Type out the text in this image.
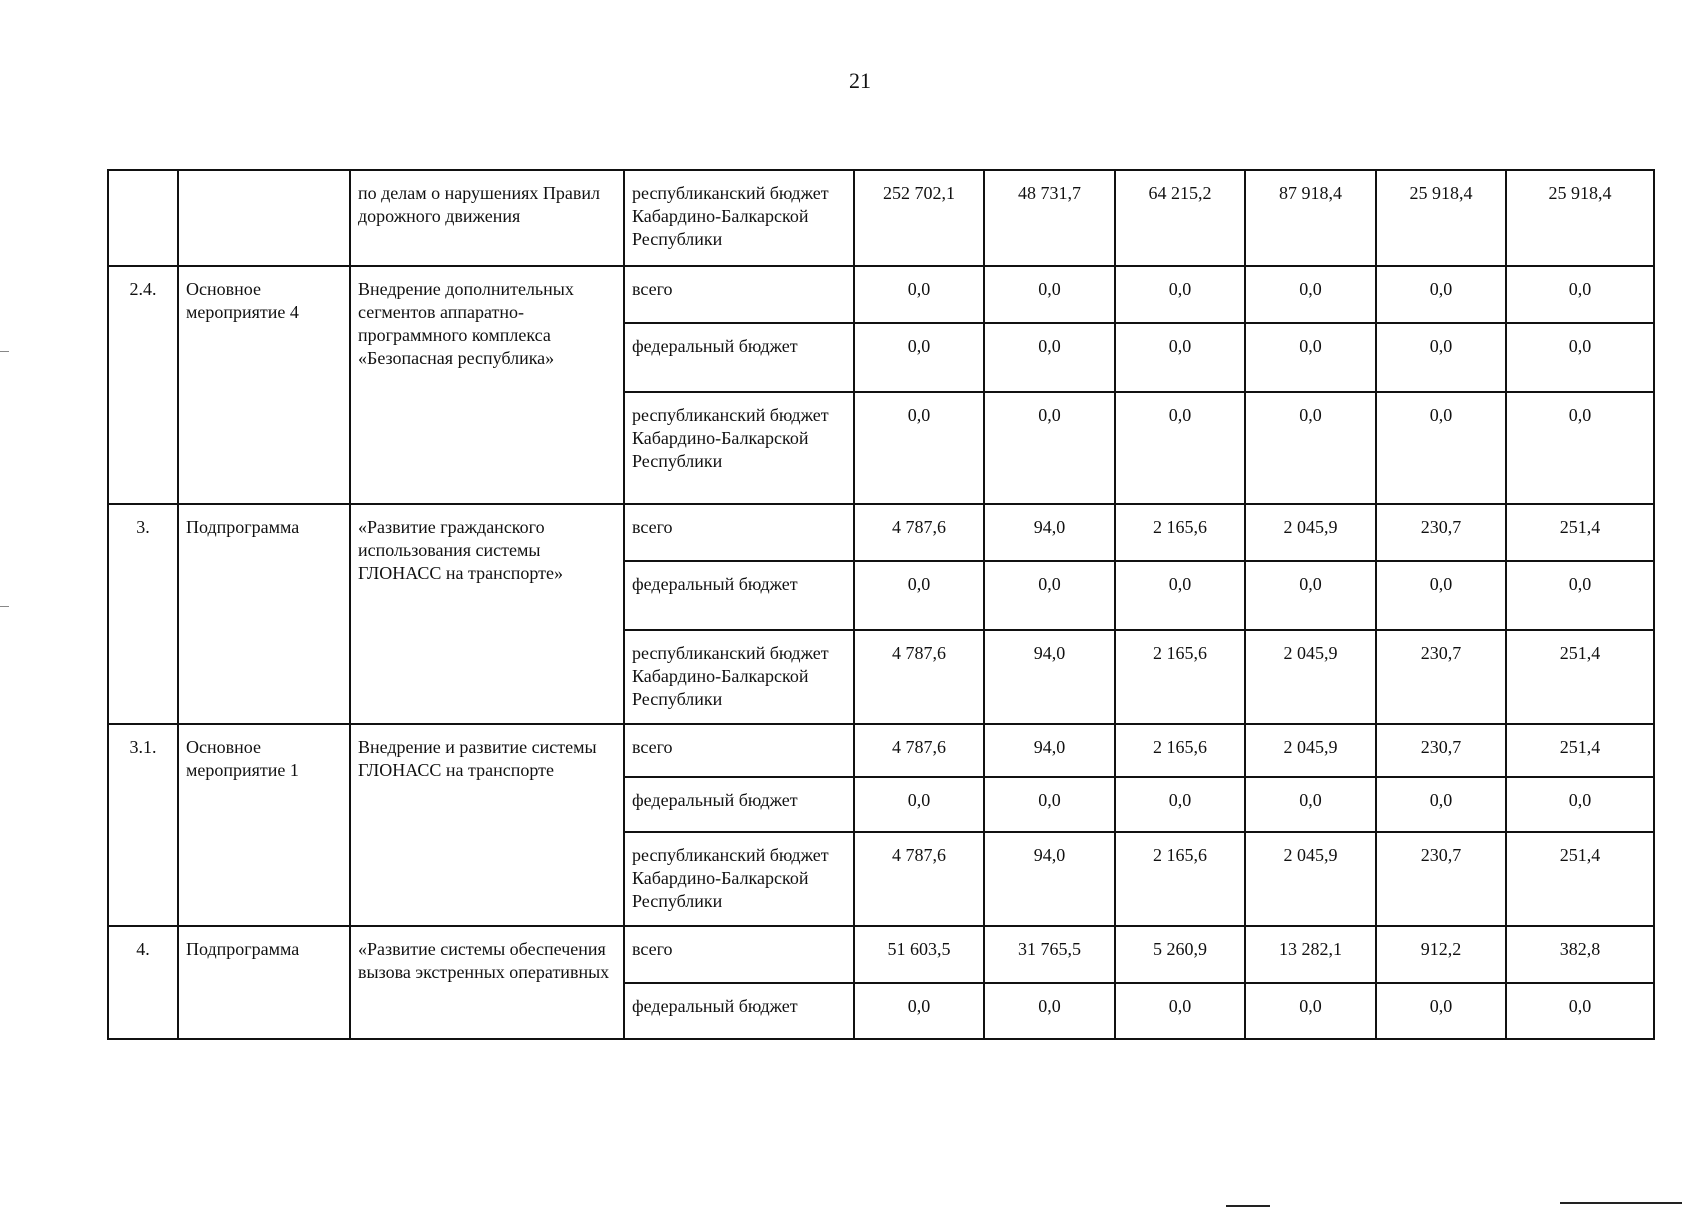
21
		по делам о нарушениях Правил дорожного движения	республиканский бюджет Кабардино-Балкарской Республики	252 702,1	48 731,7	64 215,2	87 918,4	25 918,4	25 918,4
2.4.	Основное мероприятие 4	Внедрение дополнительных сегментов аппаратно-программного комплекса «Безопасная республика»	всего	0,0	0,0	0,0	0,0	0,0	0,0
			федеральный бюджет	0,0	0,0	0,0	0,0	0,0	0,0
			республиканский бюджет Кабардино-Балкарской Республики	0,0	0,0	0,0	0,0	0,0	0,0
3.	Подпрограмма	«Развитие гражданского использования системы ГЛОНАСС на транспорте»	всего	4 787,6	94,0	2 165,6	2 045,9	230,7	251,4
			федеральный бюджет	0,0	0,0	0,0	0,0	0,0	0,0
			республиканский бюджет Кабардино-Балкарской Республики	4 787,6	94,0	2 165,6	2 045,9	230,7	251,4
3.1.	Основное мероприятие 1	Внедрение и развитие системы ГЛОНАСС на транспорте	всего	4 787,6	94,0	2 165,6	2 045,9	230,7	251,4
			федеральный бюджет	0,0	0,0	0,0	0,0	0,0	0,0
			республиканский бюджет Кабардино-Балкарской Республики	4 787,6	94,0	2 165,6	2 045,9	230,7	251,4
4.	Подпрограмма	«Развитие системы обеспечения вызова экстренных оперативных	всего	51 603,5	31 765,5	5 260,9	13 282,1	912,2	382,8
			федеральный бюджет	0,0	0,0	0,0	0,0	0,0	0,0
